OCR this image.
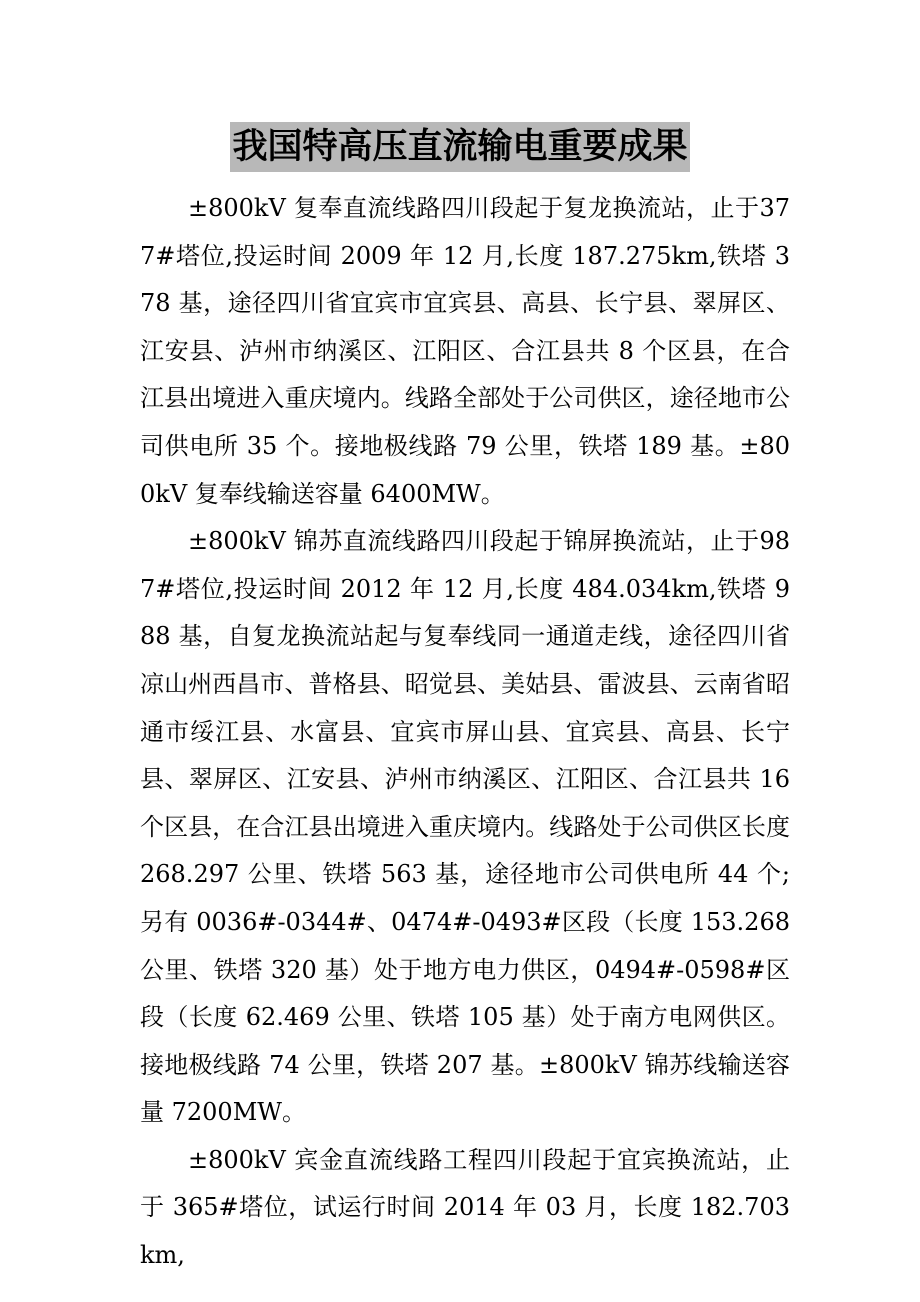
我国特高压直流输电重要成果

±800kV 复奉直流线路四川段起于复龙换流站，止于377#塔位,投运时间 2009 年 12 月,长度 187.275km,铁塔 378 基，途径四川省宜宾市宜宾县、高县、长宁县、翠屏区、江安县、泸州市纳溪区、江阳区、合江县共 8 个区县，在合江县出境进入重庆境内。线路全部处于公司供区，途径地市公司供电所 35 个。接地极线路 79 公里，铁塔 189 基。±800kV 复奉线输送容量 6400MW。

±800kV 锦苏直流线路四川段起于锦屏换流站，止于987#塔位,投运时间 2012 年 12 月,长度 484.034km,铁塔 988 基，自复龙换流站起与复奉线同一通道走线，途径四川省凉山州西昌市、普格县、昭觉县、美姑县、雷波县、云南省昭通市绥江县、水富县、宜宾市屏山县、宜宾县、高县、长宁县、翠屏区、江安县、泸州市纳溪区、江阳区、合江县共 16 个区县，在合江县出境进入重庆境内。线路处于公司供区长度 268.297 公里、铁塔 563 基，途径地市公司供电所 44 个;另有 0036#-0344#、0474#-0493#区段（长度 153.268 公里、铁塔 320 基）处于地方电力供区，0494#-0598#区段（长度 62.469 公里、铁塔 105 基）处于南方电网供区。接地极线路 74 公里，铁塔 207 基。±800kV 锦苏线输送容量 7200MW。

±800kV 宾金直流线路工程四川段起于宜宾换流站，止于 365#塔位，试运行时间 2014 年 03 月，长度 182.703km,
